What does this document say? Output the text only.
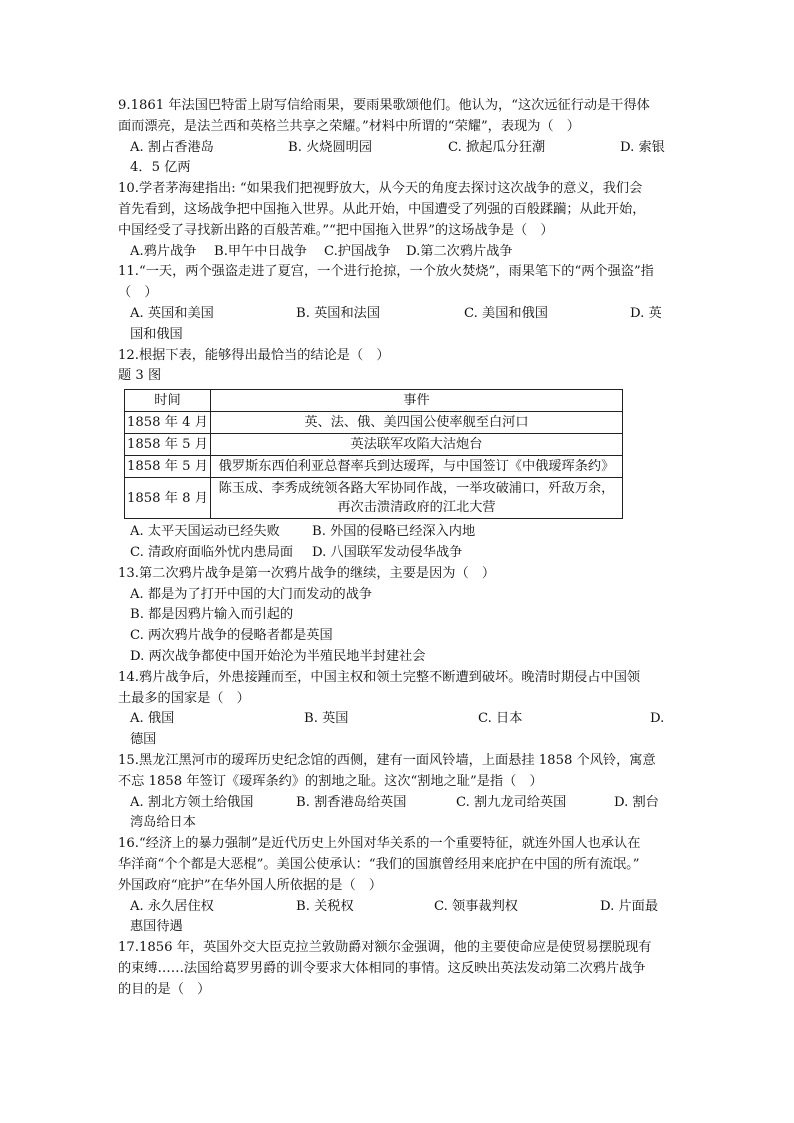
9.1861 年法国巴特雷上尉写信给雨果，要雨果歌颂他们。他认为，“这次远征行动是干得体
面而漂亮，是法兰西和英格兰共享之荣耀。”材料中所谓的“荣耀”，表现为（　）
A. 割占香港岛	B. 火烧圆明园	C. 掀起瓜分狂潮	D. 索银
4．5 亿两
10.学者茅海建指出: “如果我们把视野放大，从今天的角度去探讨这次战争的意义，我们会
首先看到，这场战争把中国拖入世界。从此开始，中国遭受了列强的百般蹂躏；从此开始，
中国经受了寻找新出路的百般苦难。”“把中国拖入世界”的这场战争是（　）
A.鸦片战争	B.甲午中日战争	C.护国战争	D.第二次鸦片战争
11.“一天，两个强盗走进了夏宫，一个进行抢掠，一个放火焚烧”，雨果笔下的“两个强盗”指
（　）
A. 英国和美国	B. 英国和法国	C. 美国和俄国	D. 英
国和俄国
12.根据下表，能够得出最恰当的结论是（　）
题 3 图
时间	事件
1858 年 4 月	英、法、俄、美四国公使率舰至白河口
1858 年 5 月	英法联军攻陷大沽炮台
1858 年 5 月	俄罗斯东西伯利亚总督率兵到达瑷珲，与中国签订《中俄瑷珲条约》
1858 年 8 月	陈玉成、李秀成统领各路大军协同作战，一举攻破浦口，歼敌万余，再次击溃清政府的江北大营
A. 太平天国运动已经失败	B. 外国的侵略已经深入内地
C. 清政府面临外忧内患局面	D. 八国联军发动侵华战争
13.第二次鸦片战争是第一次鸦片战争的继续，主要是因为（　）
A. 都是为了打开中国的大门而发动的战争
B. 都是因鸦片输入而引起的
C. 两次鸦片战争的侵略者都是英国
D. 两次战争都使中国开始沦为半殖民地半封建社会
14.鸦片战争后，外患接踵而至，中国主权和领土完整不断遭到破坏。晚清时期侵占中国领
土最多的国家是（　）
A. 俄国	B. 英国	C. 日本	D.
德国
15.黑龙江黑河市的瑷珲历史纪念馆的西侧，建有一面风铃墙，上面悬挂 1858 个风铃，寓意
不忘 1858 年签订《瑷珲条约》的割地之耻。这次“割地之耻”是指（　）
A. 割北方领土给俄国	B. 割香港岛给英国	C. 割九龙司给英国	D. 割台
湾岛给日本
16.“经济上的暴力强制”是近代历史上外国对华关系的一个重要特征，就连外国人也承认在
华洋商“个个都是大恶棍”。美国公使承认：“我们的国旗曾经用来庇护在中国的所有流氓。”
外国政府“庇护”在华外国人所依据的是（　）
A. 永久居住权	B. 关税权	C. 领事裁判权	D. 片面最
惠国待遇
17.1856 年，英国外交大臣克拉兰敦勋爵对额尔金强调，他的主要使命应是使贸易摆脱现有
的束缚……法国给葛罗男爵的训令要求大体相同的事情。这反映出英法发动第二次鸦片战争
的目的是（　）
